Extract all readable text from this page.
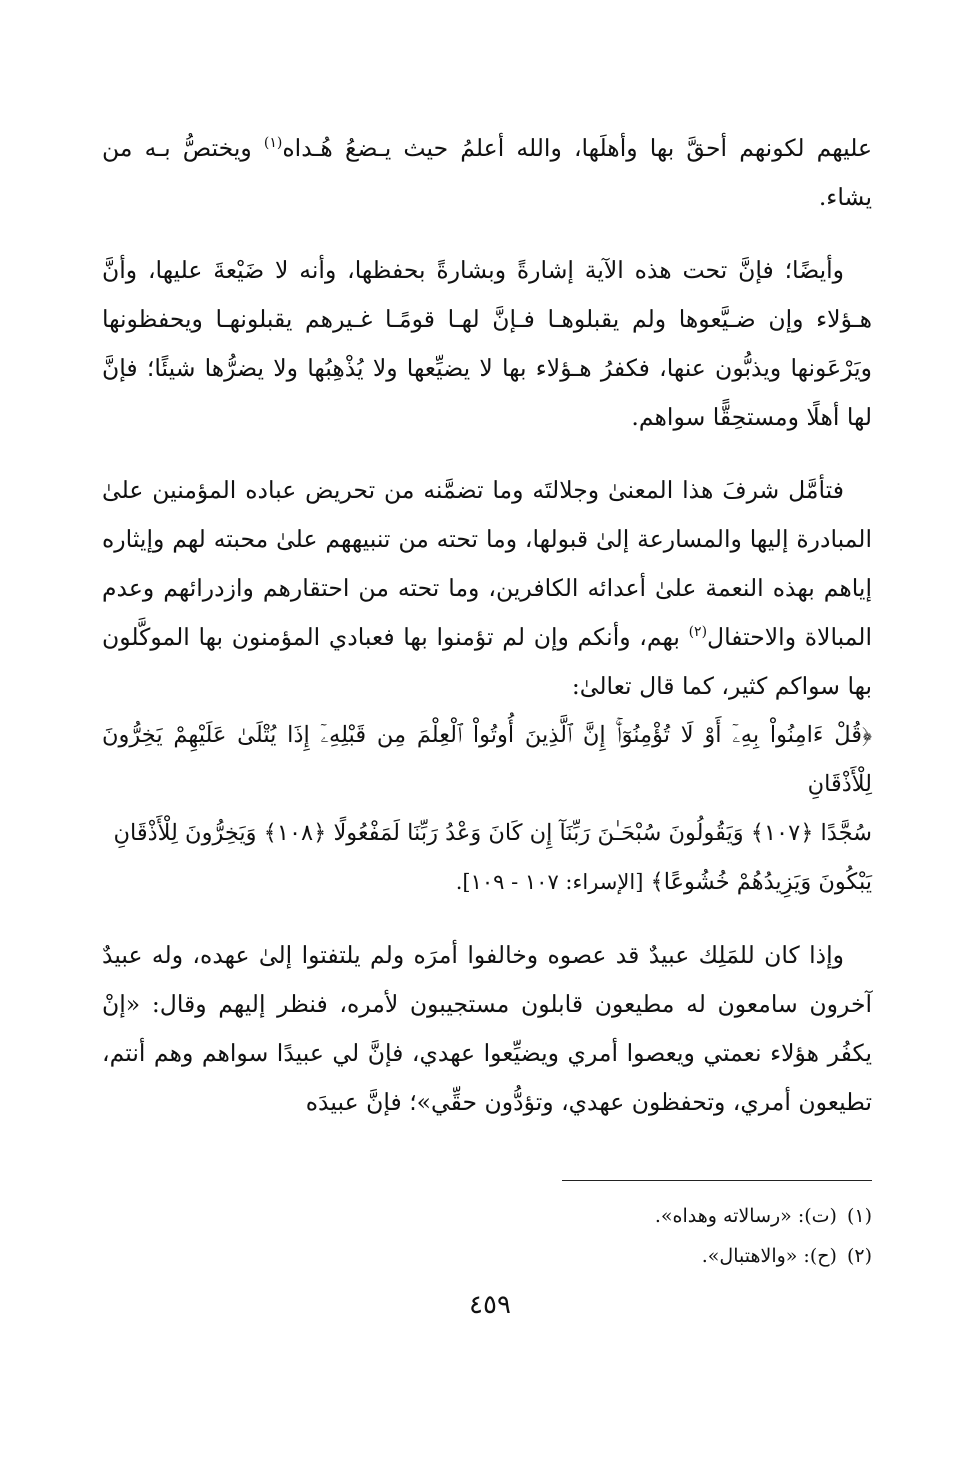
عليهم لكونهم أحقَّ بها وأهلَها، والله أعلمُ حيث يـضعُ هُـداه$^{(١)}$ ويختصُّ بـه من يشاء.

وأيضًا؛ فإنَّ تحت هذه الآية إشارةً وبشارةً بحفظها، وأنه لا ضَيْعةَ عليها، وأنَّ هـؤلاء وإن ضـيَّعوها ولم يقبلوهـا فـإنَّ لهـا قومًـا غـيرهم يقبلونهـا ويحفظونها ويَرْعَونها ويذبُّون عنها، فكفرُ هـؤلاء بها لا يضيِّعها ولا يُذْهِبُها ولا يضرُّها شيئًا؛ فإنَّ لها أهلًا ومستحِقًّا سواهم.

فتأمَّل شرفَ هذا المعنىٰ وجلالتَه وما تضمَّنه من تحريض عباده المؤمنين علىٰ المبادرة إليها والمسارعة إلىٰ قبولها، وما تحته من تنبيههم علىٰ محبته لهم وإيثاره إياهم بهذه النعمة علىٰ أعدائه الكافرين، وما تحته من احتقارهم وازدرائهم وعدم المبالاة والاحتفال$^{(٢)}$ بهم، وأنكم وإن لم تؤمنوا بها فعبادي المؤمنون بها الموكَّلون بها سواكم كثير، كما قال تعالىٰ:

﴿قُلْ ءَامِنُواْ بِهِۦٓ أَوْ لَا تُؤْمِنُوٓاْۚ إِنَّ ٱلَّذِينَ أُوتُواْ ٱلْعِلْمَ مِن قَبْلِهِۦٓ إِذَا يُتْلَىٰ عَلَيْهِمْ يَخِرُّونَ لِلْأَذْقَانِ

سُجَّدًا ﴿١٠٧﴾ وَيَقُولُونَ سُبْحَـٰنَ رَبِّنَآ إِن كَانَ وَعْدُ رَبِّنَا لَمَفْعُولًا ﴿١٠٨﴾ وَيَخِرُّونَ لِلْأَذْقَانِ

يَبْكُونَ وَيَزِيدُهُمْ خُشُوعًا﴾ [الإسراء: ١٠٧ - ١٠٩].

وإذا كان للمَلِك عبيدٌ قد عصوه وخالفوا أمرَه ولم يلتفتوا إلىٰ عهده، وله عبيدٌ آخرون سامعون له مطيعون قابلون مستجيبون لأمره، فنظر إليهم وقال: «إنْ يكفُر هؤلاء نعمتي ويعصوا أمري ويضيِّعوا عهدي، فإنَّ لي عبيدًا سواهم وهم أنتم، تطيعون أمري، وتحفظون عهدي، وتؤدُّون حقِّي»؛ فإنَّ عبيدَه

(١)(ت): «رسالاته وهداه».

(٢)(ح): «والاهتبال».

٤٥٩
